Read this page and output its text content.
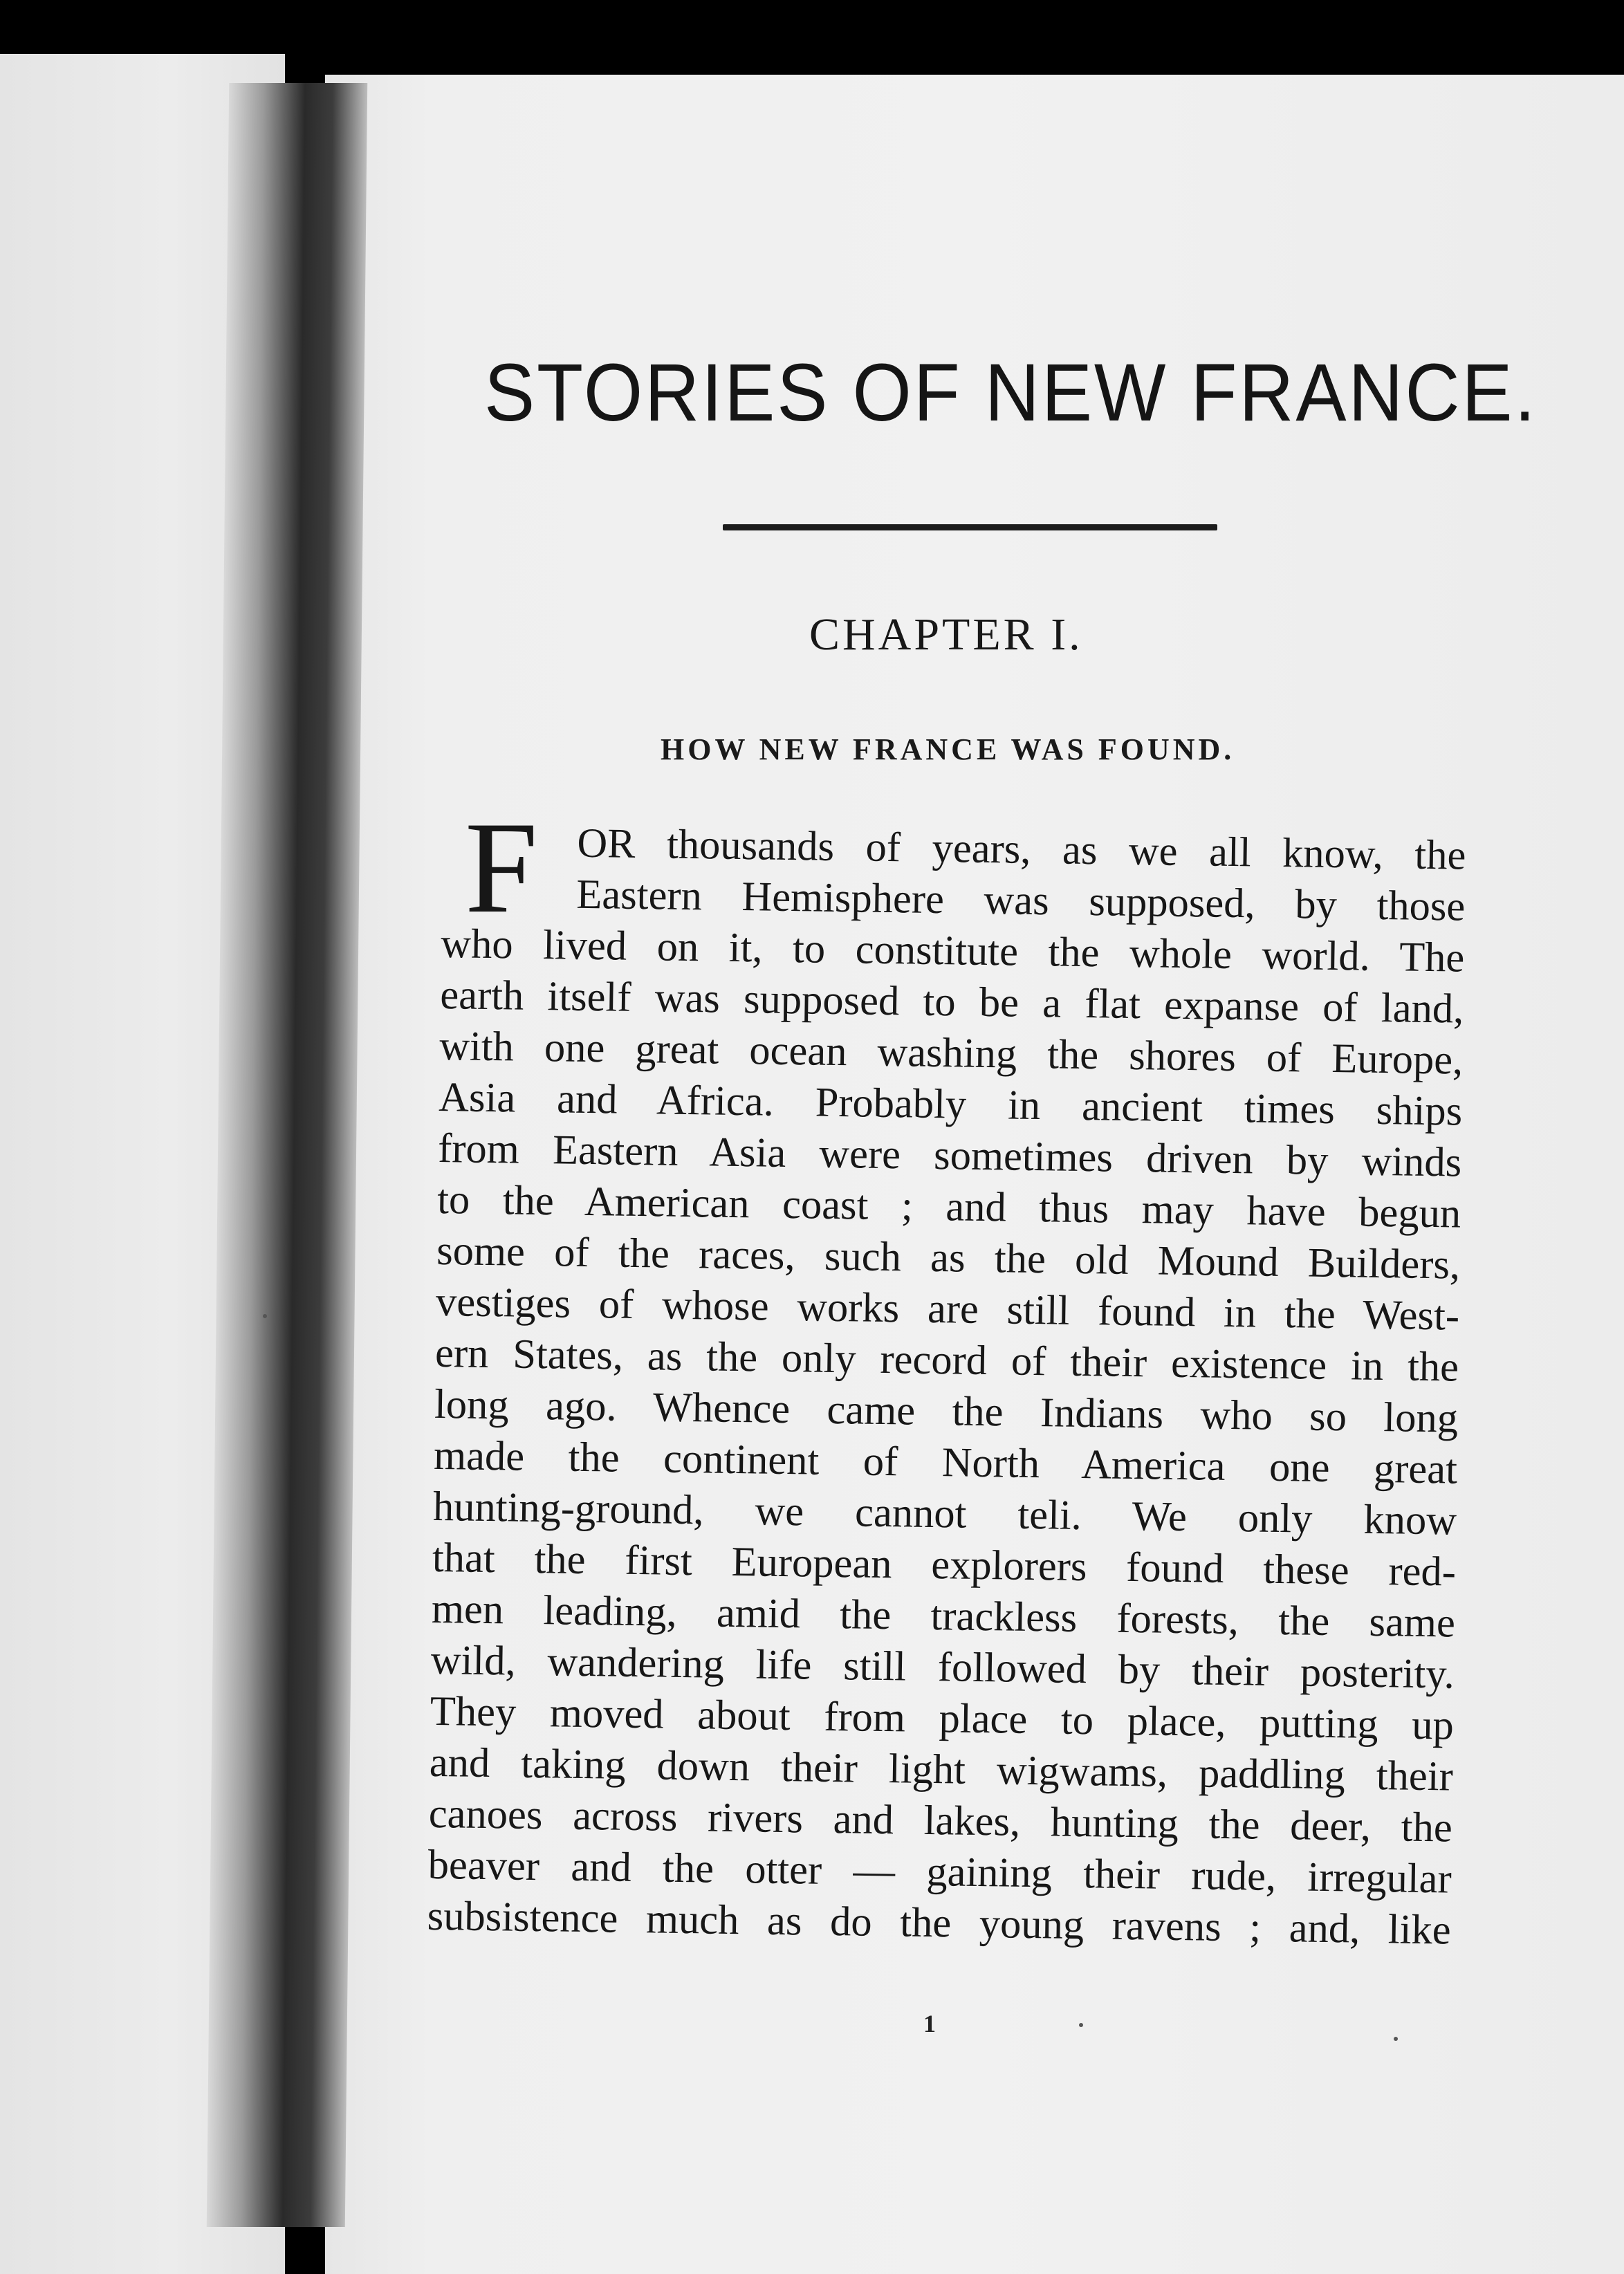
STORIES OF NEW FRANCE.
CHAPTER I.
HOW NEW FRANCE WAS FOUND.
F OR thousands of years, as we all know, the
Eastern Hemisphere was supposed, by those
who lived on it, to constitute the whole world. The
earth itself was supposed to be a flat expanse of land,
with one great ocean washing the shores of Europe,
Asia and Africa. Probably in ancient times ships
from Eastern Asia were sometimes driven by winds
to the American coast ; and thus may have begun
some of the races, such as the old Mound Builders,
vestiges of whose works are still found in the West-
ern States, as the only record of their existence in the
long ago. Whence came the Indians who so long
made the continent of North America one great
hunting-ground, we cannot teli. We only know
that the first European explorers found these red-
men leading, amid the trackless forests, the same
wild, wandering life still followed by their posterity.
They moved about from place to place, putting up
and taking down their light wigwams, paddling their
canoes across rivers and lakes, hunting the deer, the
beaver and the otter — gaining their rude, irregular
subsistence much as do the young ravens ; and, like
1
